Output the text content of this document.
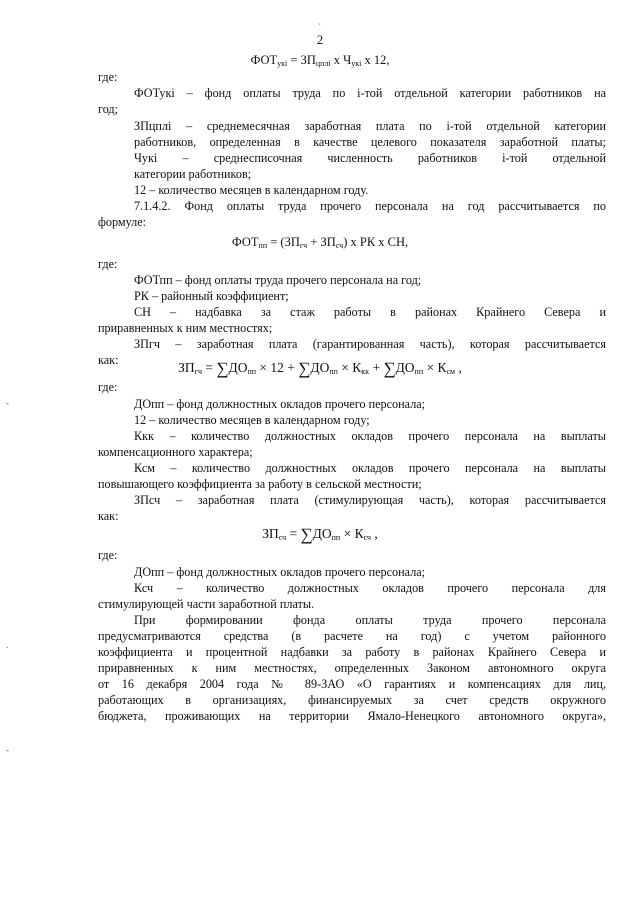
`
2
$ФОТ_{укі} = ЗП_{цплі}$ х $Ч_{укі}$ х 12,
где:
ФОТукі – фонд оплаты труда по і-той отдельной категории работников на
год;
ЗПцплі – среднемесячная заработная плата по і-той отдельной категории
работников, определенная в качестве целевого показателя заработной платы;
Чукі – среднесписочная численность работников і-той отдельной
категории работников;
12 – количество месяцев в календарном году.
7.1.4.2. Фонд оплаты труда прочего персонала на год рассчитывается по
формуле:
$ФОТ_{пп} = (ЗП_{гч} + ЗП_{сч})$ х РК х СН,
где:
ФОТпп – фонд оплаты труда прочего персонала на год;
РК – районный коэффициент;
СН – надбавка за стаж работы в районах Крайнего Севера и
приравненных к ним местностях;
ЗПгч – заработная плата (гарантированная часть), которая рассчитывается
как:	$ЗП_{гч} = \sum ДО_{пп} \times 12 + \sum ДО_{пп} \times К_{кк} + \sum ДО_{пп} \times К_{см}$ ,
где:
ДОпп – фонд должностных окладов прочего персонала;
12 – количество месяцев в календарном году;
Ккк – количество должностных окладов прочего персонала на выплаты
компенсационного характера;
Ксм – количество должностных окладов прочего персонала на выплаты
повышающего коэффициента за работу в сельской местности;
ЗПсч – заработная плата (стимулирующая часть), которая рассчитывается
как:
$ЗП_{сч} = \sum ДО_{пп} \times К_{сч}$ ,
где:
ДОпп – фонд должностных окладов прочего персонала;
Ксч – количество должностных окладов прочего персонала для
стимулирующей части заработной платы.
При формировании фонда оплаты труда прочего персонала
предусматриваются средства (в расчете на год) с учетом районного
коэффициента и процентной надбавки за работу в районах Крайнего Севера и
приравненных к ним местностях, определенных Законом автономного округа
от 16 декабря 2004 года № 89-ЗАО «О гарантиях и компенсациях для лиц,
работающих в организациях, финансируемых за счет средств окружного
бюджета, проживающих на территории Ямало-Ненецкого автономного округа»,
-
.
-
